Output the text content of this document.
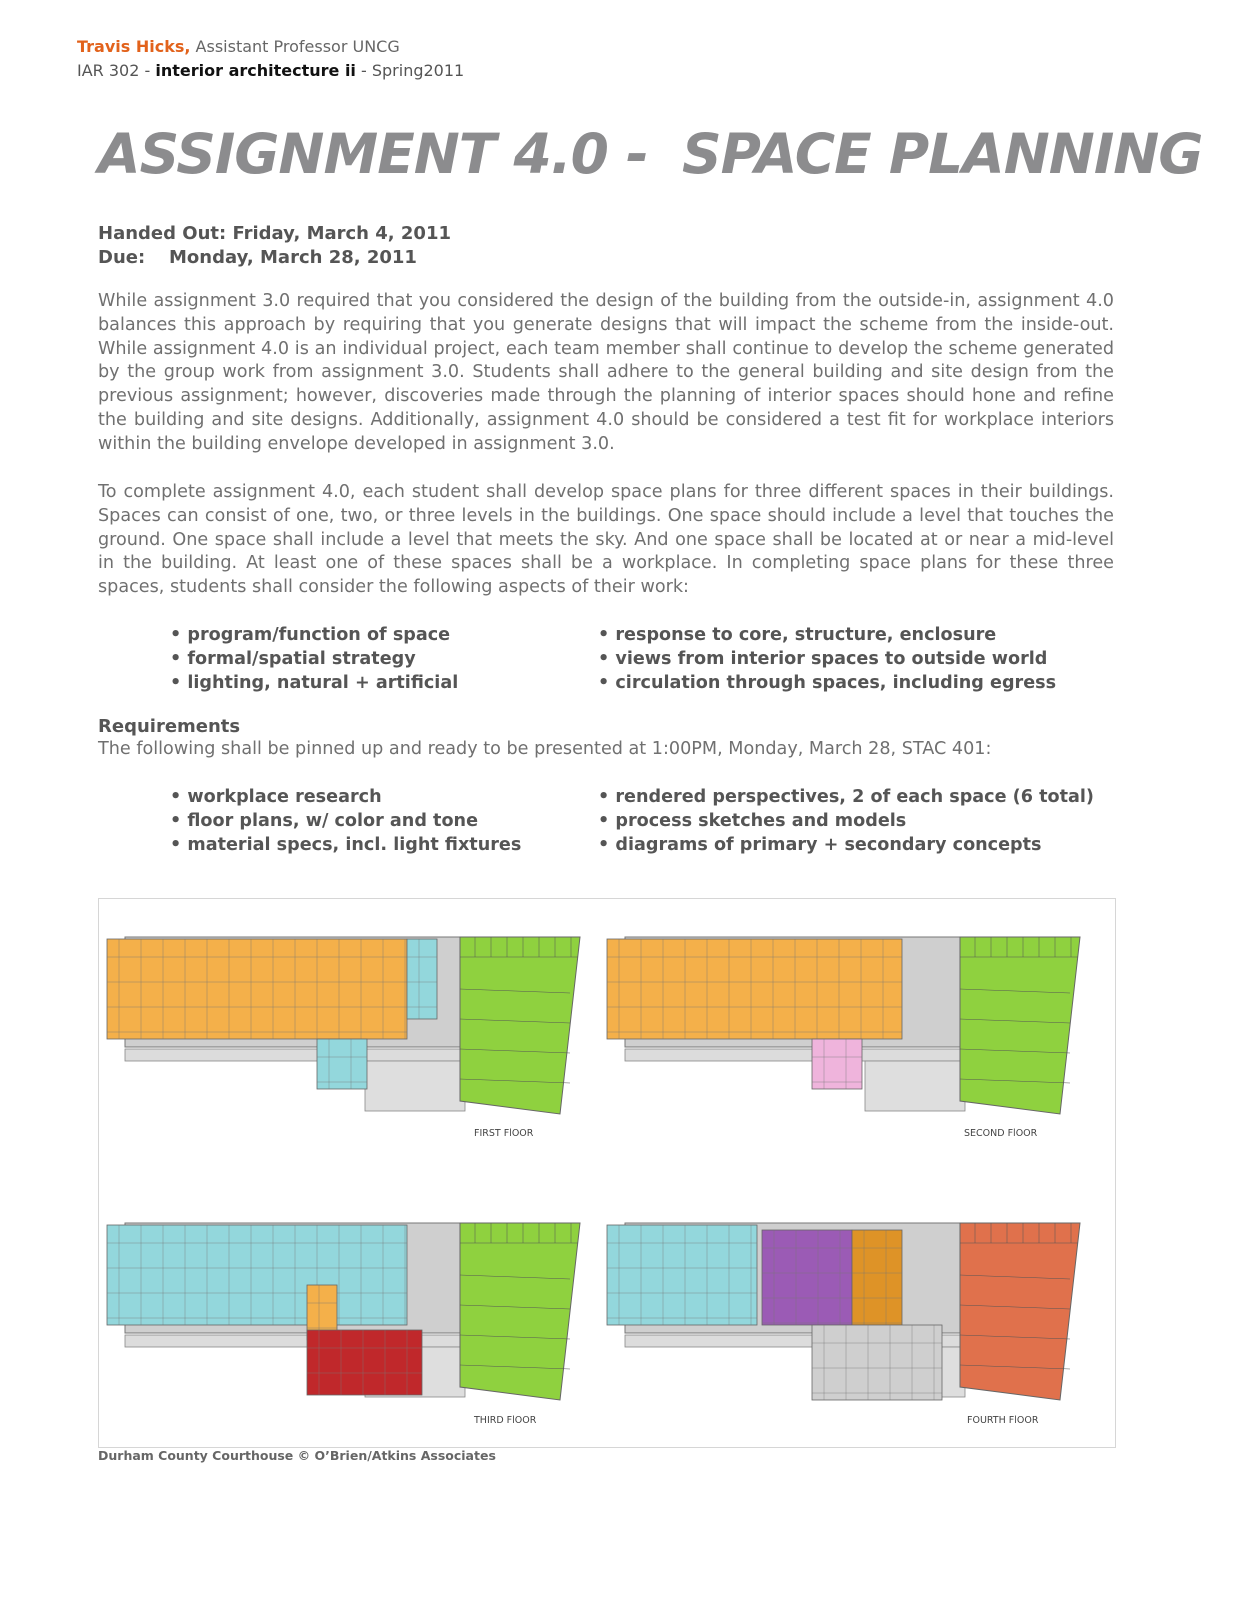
Travis Hicks, Assistant Professor UNCG
IAR 302 - interior architecture ii - Spring2011
ASSIGNMENT 4.0 - SPACE PLANNING
Handed Out: Friday, March 4, 2011
Due: Monday, March 28, 2011

While assignment 3.0 required that you considered the design of the building from the outside-in, assignment 4.0 balances this approach by requiring that you generate designs that will impact the scheme from the inside-out. While assignment 4.0 is an individual project, each team member shall continue to develop the scheme generated by the group work from assignment 3.0. Students shall adhere to the general building and site design from the previous assignment; however, discoveries made through the planning of interior spaces should hone and refine the building and site designs. Additionally, assignment 4.0 should be considered a test fit for workplace interiors within the building envelope developed in assignment 3.0.

To complete assignment 4.0, each student shall develop space plans for three different spaces in their buildings. Spaces can consist of one, two, or three levels in the buildings. One space should include a level that touches the ground. One space shall include a level that meets the sky. And one space shall be located at or near a mid-level in the building. At least one of these spaces shall be a workplace. In completing space plans for these three spaces, students shall consider the following aspects of their work:

• program/function of space
• formal/spatial strategy
• lighting, natural + artificial
• response to core, structure, enclosure
• views from interior spaces to outside world
• circulation through spaces, including egress
Requirements
The following shall be pinned up and ready to be presented at 1:00PM, Monday, March 28, STAC 401:
• workplace research
• floor plans, w/ color and tone
• material specs, incl. light fixtures
• rendered perspectives, 2 of each space (6 total)
• process sketches and models
• diagrams of primary + secondary concepts
FIRST FlOOR	SECOND FlOOR
THIRD FlOOR	FOURTH FlOOR
Durham County Courthouse © O’Brien/Atkins Associates
